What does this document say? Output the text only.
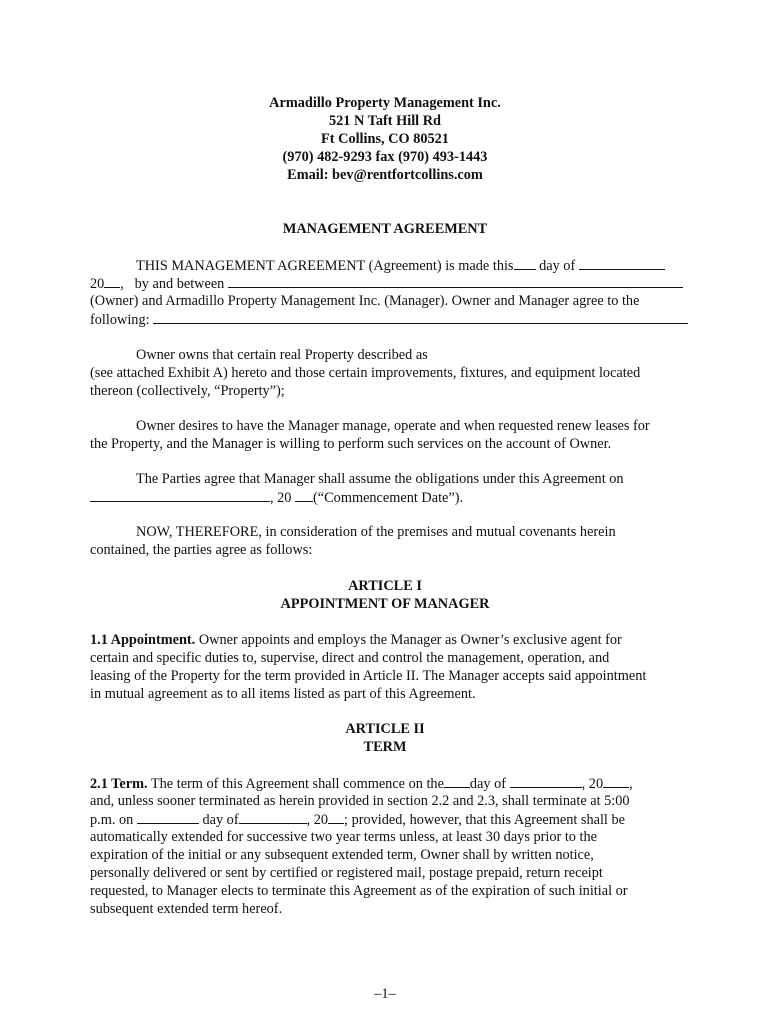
Armadillo Property Management Inc.
521 N Taft Hill Rd
Ft Collins, CO 80521
(970) 482-9293 fax (970) 493-1443
Email: bev@rentfortcollins.com
MANAGEMENT AGREEMENT
THIS MANAGEMENT AGREEMENT (Agreement) is made this day of
20 , by and between
(Owner) and Armadillo Property Management Inc. (Manager). Owner and Manager agree to the
following:
Owner owns that certain real Property described as
(see attached Exhibit A) hereto and those certain improvements, fixtures, and equipment located
thereon (collectively, “Property”);
Owner desires to have the Manager manage, operate and when requested renew leases for
the Property, and the Manager is willing to perform such services on the account of Owner.
The Parties agree that Manager shall assume the obligations under this Agreement on
, 20 (“Commencement Date”).
NOW, THEREFORE, in consideration of the premises and mutual covenants herein
contained, the parties agree as follows:
ARTICLE I
APPOINTMENT OF MANAGER
1.1 Appointment. Owner appoints and employs the Manager as Owner’s exclusive agent for
certain and specific duties to, supervise, direct and control the management, operation, and
leasing of the Property for the term provided in Article II. The Manager accepts said appointment
in mutual agreement as to all items listed as part of this Agreement.
ARTICLE II
TERM
2.1 Term. The term of this Agreement shall commence on the day of	, 20 ,
and, unless sooner terminated as herein provided in section 2.2 and 2.3, shall terminate at 5:00
p.m. on	day of	, 20 ; provided, however, that this Agreement shall be
automatically extended for successive two year terms unless, at least 30 days prior to the
expiration of the initial or any subsequent extended term, Owner shall by written notice,
personally delivered or sent by certified or registered mail, postage prepaid, return receipt
requested, to Manager elects to terminate this Agreement as of the expiration of such initial or
subsequent extended term hereof.
–1–
